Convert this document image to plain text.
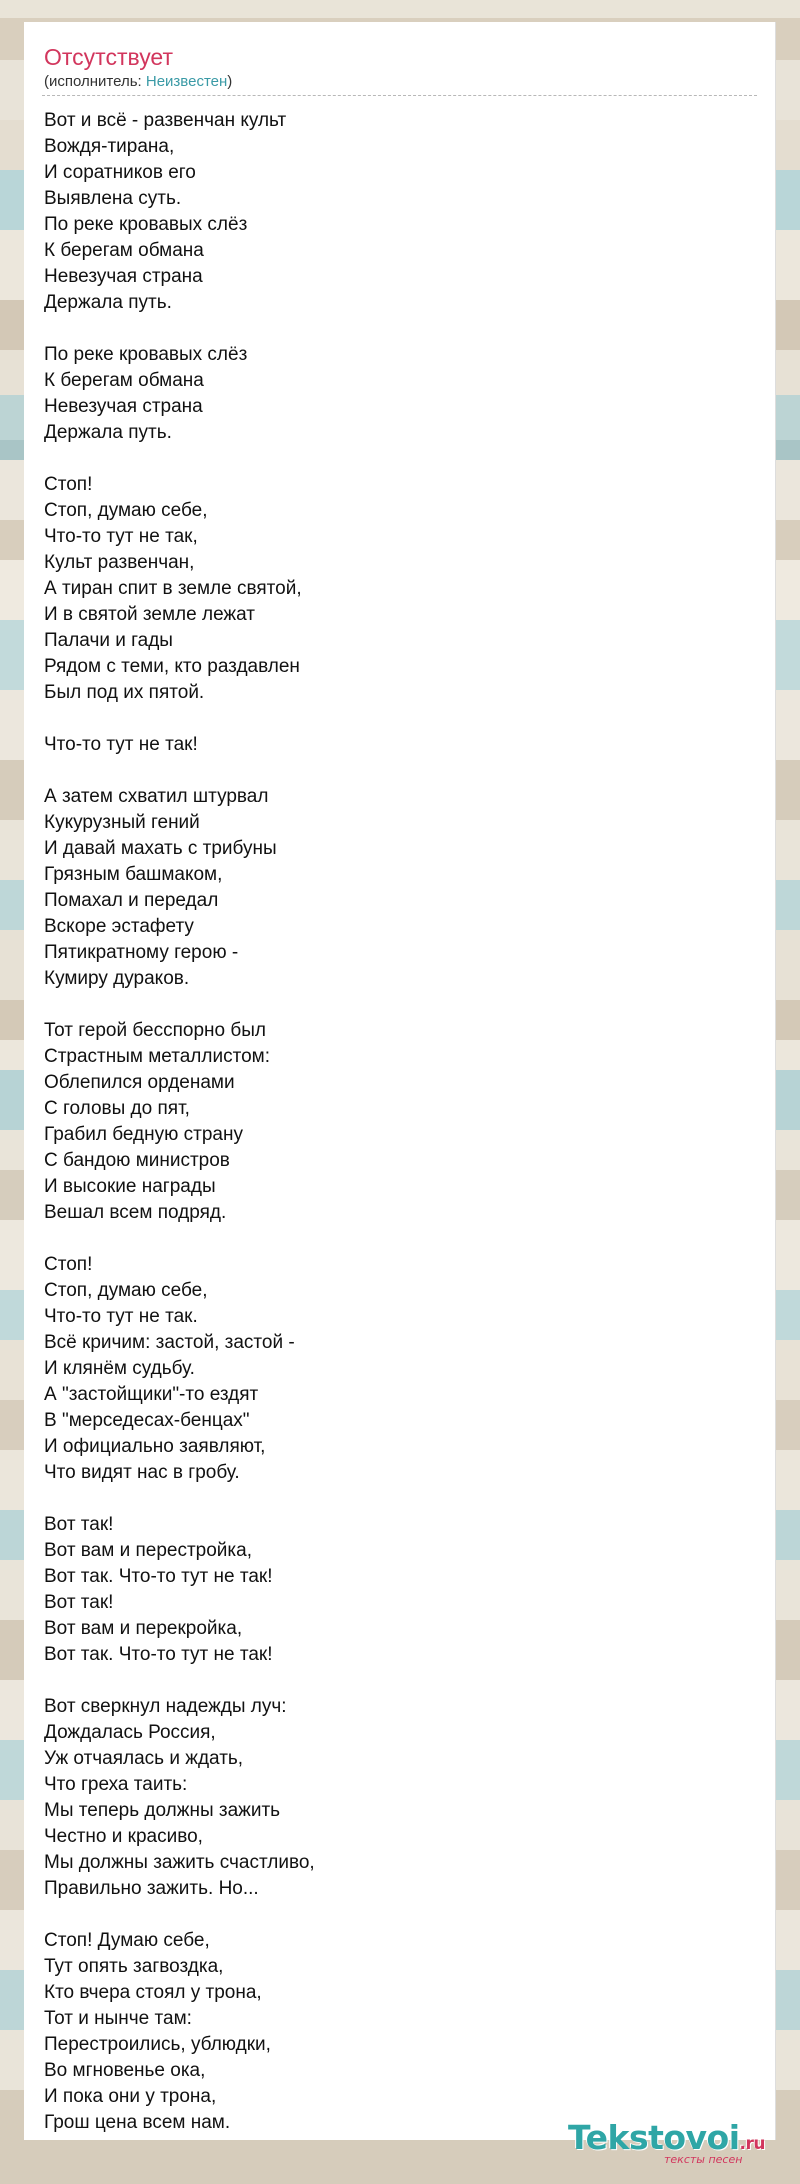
Отсутствует
(исполнитель: Неизвестен)
Вот и всё - развенчан культ
Вождя-тирана,
И соратников его
Выявлена суть.
По реке кровавых слёз
К берегам обмана
Невезучая страна
Держала путь.
По реке кровавых слёз
К берегам обмана
Невезучая страна
Держала путь.
Стоп!
Стоп, думаю себе,
Что-то тут не так,
Культ развенчан,
А тиран спит в земле святой,
И в святой земле лежат
Палачи и гады
Рядом с теми, кто раздавлен
Был под их пятой.
Что-то тут не так!
А затем схватил штурвал
Кукурузный гений
И давай махать с трибуны
Грязным башмаком,
Помахал и передал
Вскоре эстафету
Пятикратному герою -
Кумиру дураков.
Тот герой бесспорно был
Страстным металлистом:
Облепился орденами
С головы до пят,
Грабил бедную страну
С бандою министров
И высокие награды
Вешал всем подряд.
Стоп!
Стоп, думаю себе,
Что-то тут не так.
Всё кричим: застой, застой -
И клянём судьбу.
А "застойщики"-то ездят
В "мерседесах-бенцах"
И официально заявляют,
Что видят нас в гробу.
Вот так!
Вот вам и перестройка,
Вот так. Что-то тут не так!
Вот так!
Вот вам и перекройка,
Вот так. Что-то тут не так!
Вот сверкнул надежды луч:
Дождалась Россия,
Уж отчаялась и ждать,
Что греха таить:
Мы теперь должны зажить
Честно и красиво,
Мы должны зажить счастливо,
Правильно зажить. Но...
Стоп! Думаю себе,
Тут опять загвоздка,
Кто вчера стоял у трона,
Тот и нынче там:
Перестроились, ублюдки,
Во мгновенье ока,
И пока они у трона,
Грош цена всем нам.	Tekstovoi.ru
тексты песен
